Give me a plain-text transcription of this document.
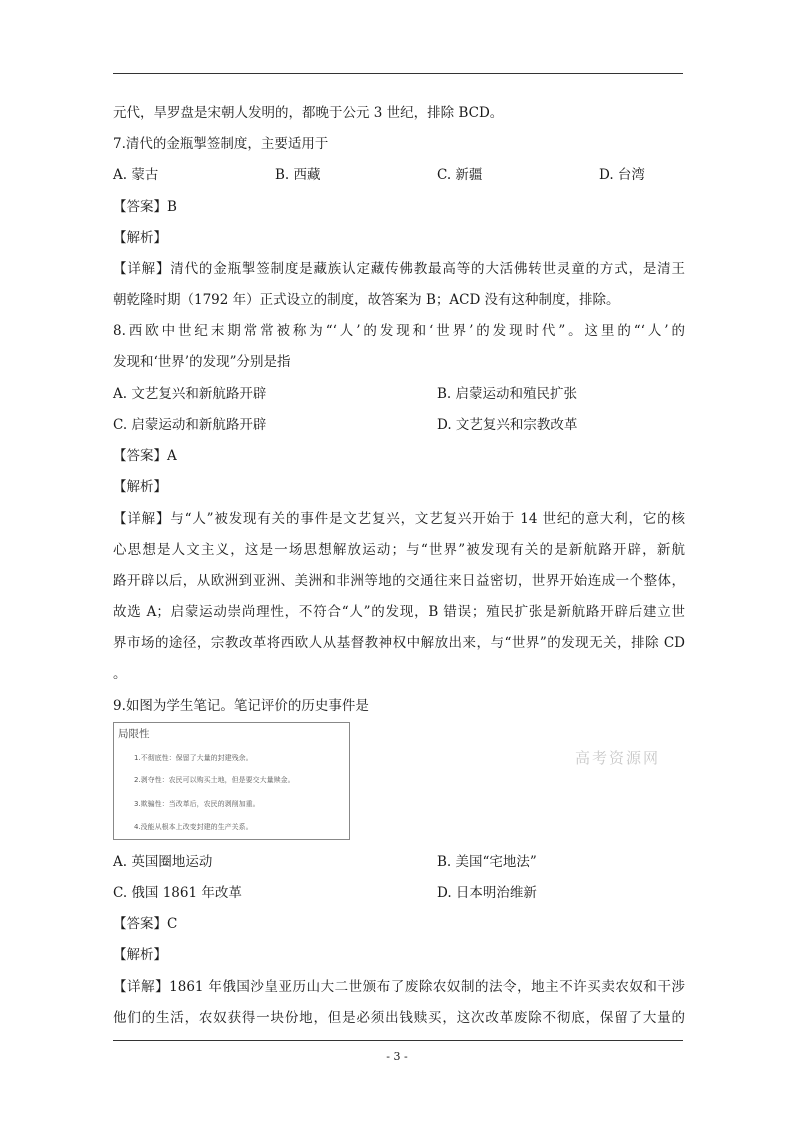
元代，旱罗盘是宋朝人发明的，都晚于公元 3 世纪，排除 BCD。
7.清代的金瓶掣签制度，主要适用于
A. 蒙古	B. 西藏	C. 新疆	D. 台湾
【答案】B
【解析】
【详解】清代的金瓶掣签制度是藏族认定藏传佛教最高等的大活佛转世灵童的方式，是清王
朝乾隆时期（1792 年）正式设立的制度，故答案为 B；ACD 没有这种制度，排除。
8.西欧中世纪末期常常被称为“‘人’的发现和‘世界’的发现时代”。这里的“‘人’的
发现和‘世界’的发现”分别是指
A. 文艺复兴和新航路开辟	B. 启蒙运动和殖民扩张
C. 启蒙运动和新航路开辟	D. 文艺复兴和宗教改革
【答案】A
【解析】
【详解】与“人”被发现有关的事件是文艺复兴，文艺复兴开始于 14 世纪的意大利，它的核
心思想是人文主义，这是一场思想解放运动；与“世界”被发现有关的是新航路开辟，新航
路开辟以后，从欧洲到亚洲、美洲和非洲等地的交通往来日益密切，世界开始连成一个整体，
故选 A；启蒙运动崇尚理性，不符合“人”的发现，B 错误；殖民扩张是新航路开辟后建立世
界市场的途径，宗教改革将西欧人从基督教神权中解放出来，与“世界”的发现无关，排除 CD
。
9.如图为学生笔记。笔记评价的历史事件是
局限性
1.不彻底性：保留了大量的封建残余。
2.剥夺性：农民可以购买土地，但是要交大量赎金。
3.欺骗性：当改革后，农民的剥削加重。
4.没能从根本上改变封建的生产关系。
高考资源网
A. 英国圈地运动	B. 美国“宅地法”
C. 俄国 1861 年改革	D. 日本明治维新
【答案】C
【解析】
【详解】1861 年俄国沙皇亚历山大二世颁布了废除农奴制的法令，地主不许买卖农奴和干涉
他们的生活，农奴获得一块份地，但是必须出钱赎买，这次改革废除不彻底，保留了大量的
- 3 -
